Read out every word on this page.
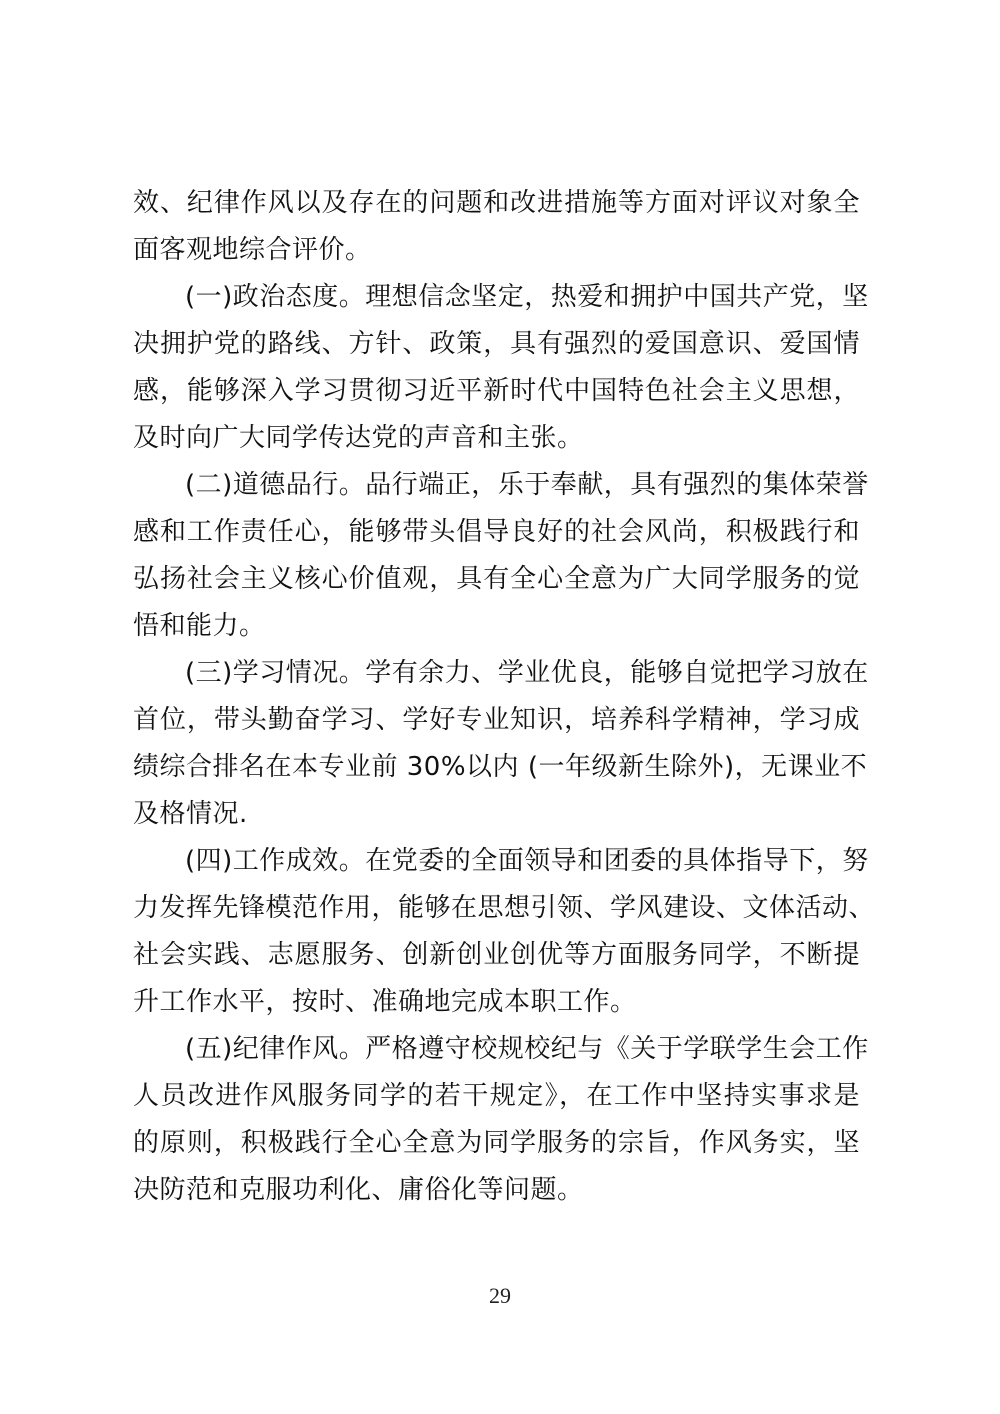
效、纪律作风以及存在的问题和改进措施等方面对评议对象全
面客观地综合评价。
(一)政治态度。理想信念坚定，热爱和拥护中国共产党，坚
决拥护党的路线、方针、政策，具有强烈的爱国意识、爱国情
感，能够深入学习贯彻习近平新时代中国特色社会主义思想，
及时向广大同学传达党的声音和主张。
(二)道德品行。品行端正，乐于奉献，具有强烈的集体荣誉
感和工作责任心，能够带头倡导良好的社会风尚，积极践行和
弘扬社会主义核心价值观，具有全心全意为广大同学服务的觉
悟和能力。
(三)学习情况。学有余力、学业优良，能够自觉把学习放在
首位，带头勤奋学习、学好专业知识，培养科学精神，学习成
绩综合排名在本专业前 30%以内 (一年级新生除外)，无课业不
及格情况.
(四)工作成效。在党委的全面领导和团委的具体指导下，努
力发挥先锋模范作用，能够在思想引领、学风建设、文体活动、
社会实践、志愿服务、创新创业创优等方面服务同学，不断提
升工作水平，按时、准确地完成本职工作。
(五)纪律作风。严格遵守校规校纪与《关于学联学生会工作
人员改进作风服务同学的若干规定》，在工作中坚持实事求是
的原则，积极践行全心全意为同学服务的宗旨，作风务实，坚
决防范和克服功利化、庸俗化等问题。
29
